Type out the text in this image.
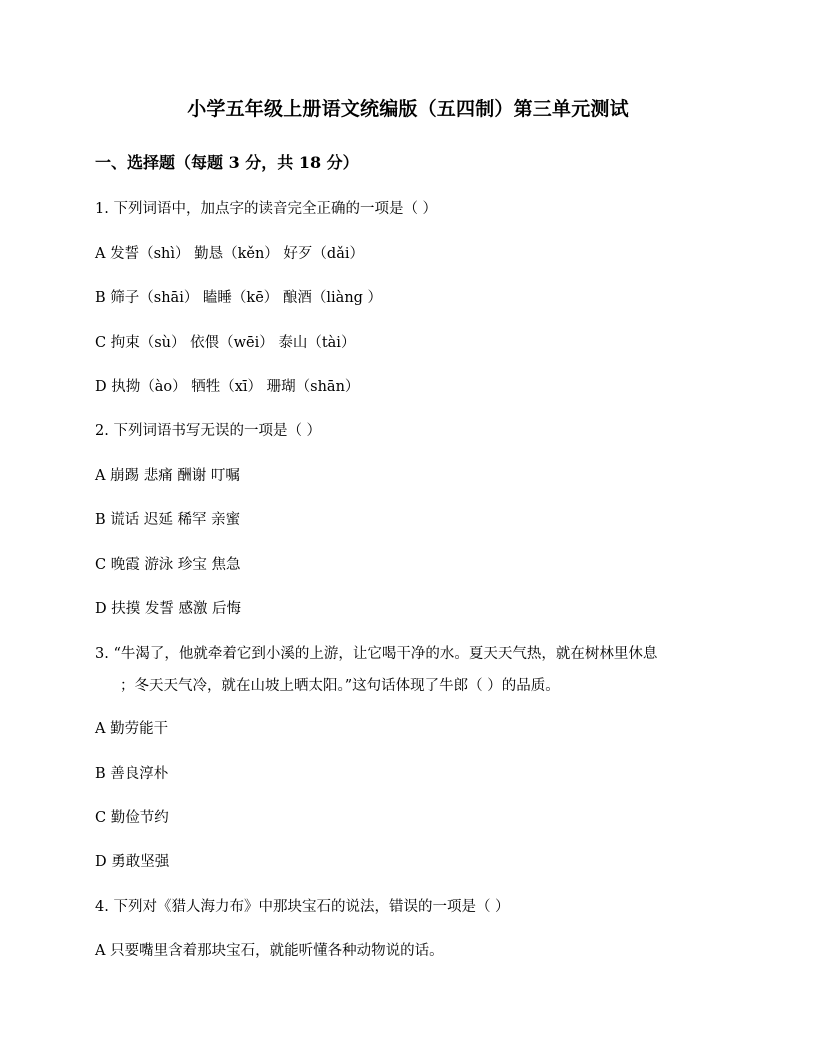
小学五年级上册语文统编版（五四制）第三单元测试
一、选择题（每题 3 分，共 18 分）
1. 下列词语中，加点字的读音完全正确的一项是（ ）
A 发誓（shì） 勤恳（kěn） 好歹（dǎi）
B 筛子（shāi） 瞌睡（kē） 酿酒（liàng ）
C 拘束（sù） 依偎（wēi） 泰山（tài）
D 执拗（ào） 牺牲（xī） 珊瑚（shān）
2. 下列词语书写无误的一项是（ ）
A 崩踢 悲痛 酬谢 叮嘱
B 谎话 迟延 稀罕 亲蜜
C 晚霞 游泳 珍宝 焦急
D 扶摸 发誓 感激 后悔
3. “牛渴了，他就牵着它到小溪的上游，让它喝干净的水。夏天天气热，就在树林里休息
；冬天天气冷，就在山坡上晒太阳。”这句话体现了牛郎（ ）的品质。
A 勤劳能干
B 善良淳朴
C 勤俭节约
D 勇敢坚强
4. 下列对《猎人海力布》中那块宝石的说法，错误的一项是（ ）
A 只要嘴里含着那块宝石，就能听懂各种动物说的话。
